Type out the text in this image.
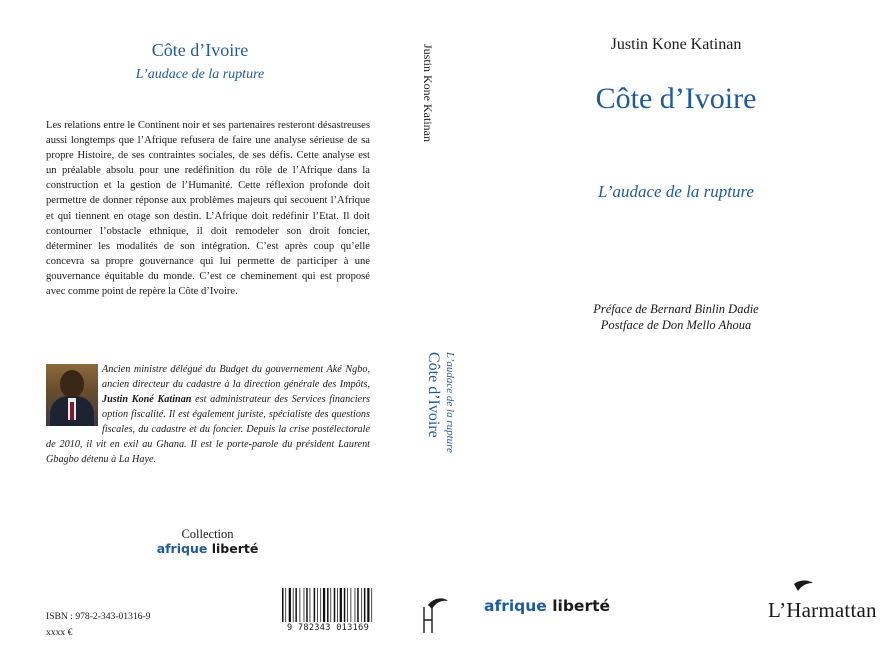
Côte d’Ivoire
L’audace de la rupture
Les relations entre le Continent noir et ses partenaires resteront désastreuses aussi longtemps que l’Afrique refusera de faire une analyse sérieuse de sa propre Histoire, de ses contraintes sociales, de ses défis. Cette analyse est un préalable absolu pour une redéfinition du rôle de l’Afrique dans la construction et la gestion de l’Humanité. Cette réflexion profonde doit permettre de donner réponse aux problèmes majeurs qui secouent l’Afrique et qui tiennent en otage son destin. L’Afrique doit redéfinir l’Etat. Il doit contourner l’obstacle ethnique, il doit remodeler son droit foncier, déterminer les modalités de son intégration. C’est après coup qu’elle concevra sa propre gouvernance qui lui permette de participer à une gouvernance équitable du monde. C’est ce cheminement qui est proposé avec comme point de repère la Côte d’Ivoire.
Ancien ministre délégué du Budget du gouvernement Aké Ngbo, ancien directeur du cadastre à la direction générale des Impôts, Justin Koné Katinan est administrateur des Services financiers option fiscalité. Il est également juriste, spécialiste des questions fiscales, du cadastre et du foncier. Depuis la crise postélectorale de 2010, il vit en exil au Ghana. Il est le porte-parole du président Laurent Gbagbo détenu à La Haye.
Collection
afrique liberté
ISBN : 978-2-343-01316-9
xxxx €	9 782343 013169
Justin Kone Katinan
Côte d’Ivoire L’audace de la rupture
Justin Kone Katinan
Côte d’Ivoire
L’audace de la rupture
Préface de Bernard Binlin Dadie
Postface de Don Mello Ahoua
afrique liberté	L’Harmattan
